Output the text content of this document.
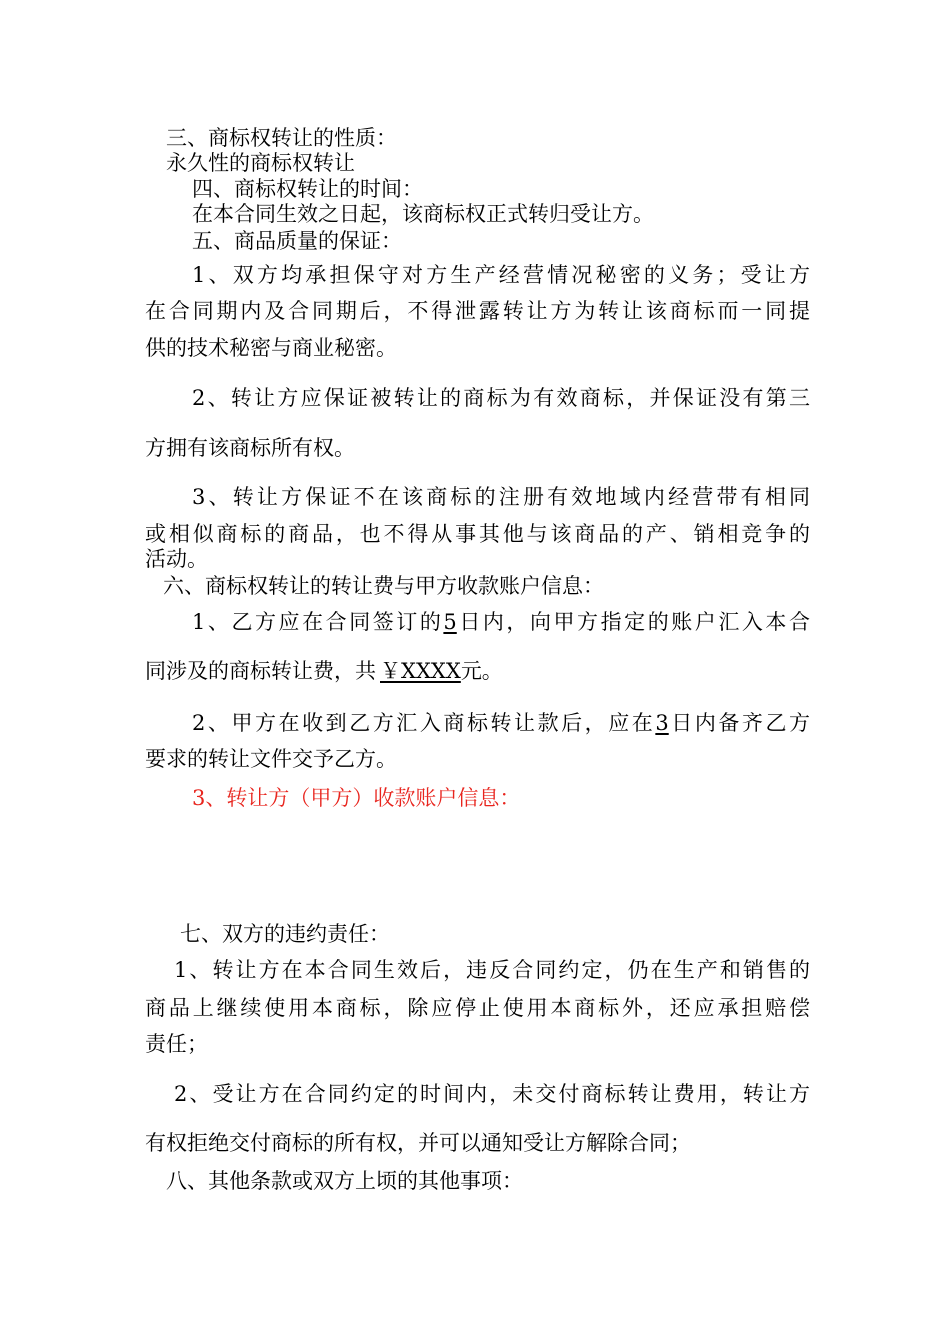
三、商标权转让的性质：
永久性的商标权转让
四、商标权转让的时间：
在本合同生效之日起，该商标权正式转归受让方。
五、商品质量的保证：
1、双方均承担保守对方生产经营情况秘密的义务；受让方
在合同期内及合同期后，不得泄露转让方为转让该商标而一同提
供的技术秘密与商业秘密。
2、转让方应保证被转让的商标为有效商标，并保证没有第三
方拥有该商标所有权。
3、转让方保证不在该商标的注册有效地域内经营带有相同
或相似商标的商品，也不得从事其他与该商品的产、销相竞争的
活动。
六、商标权转让的转让费与甲方收款账户信息：
1、乙方应在合同签订的5日内，向甲方指定的账户汇入本合
同涉及的商标转让费，共 ￥XXXX元。
2、甲方在收到乙方汇入商标转让款后，应在3日内备齐乙方
要求的转让文件交予乙方。
3、转让方（甲方）收款账户信息：
七、双方的违约责任：
1、转让方在本合同生效后，违反合同约定，仍在生产和销售的
商品上继续使用本商标，除应停止使用本商标外，还应承担赔偿
责任；
2、受让方在合同约定的时间内，未交付商标转让费用，转让方
有权拒绝交付商标的所有权，并可以通知受让方解除合同；
八、其他条款或双方上顷的其他事项：
